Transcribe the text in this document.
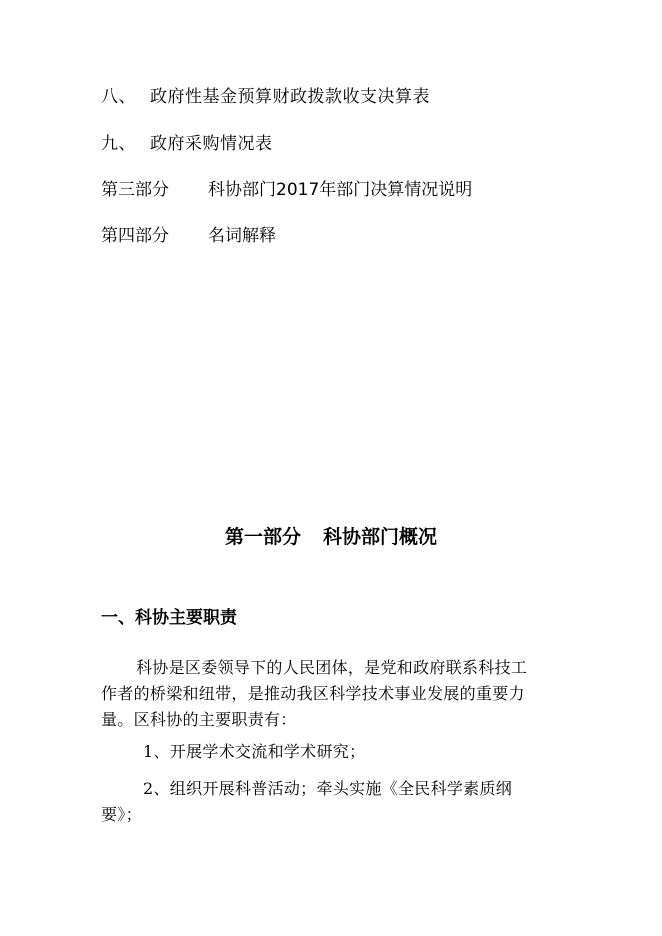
八、 政府性基金预算财政拨款收支决算表
九、 政府采购情况表
第三部分 科协部门2017年部门决算情况说明
第四部分 名词解释
第一部分 科协部门概况
一、科协主要职责
科协是区委领导下的人民团体，是党和政府联系科技工
作者的桥梁和纽带，是推动我区科学技术事业发展的重要力
量。区科协的主要职责有：
1、开展学术交流和学术研究；
2、组织开展科普活动；牵头实施《全民科学素质纲
要》；
